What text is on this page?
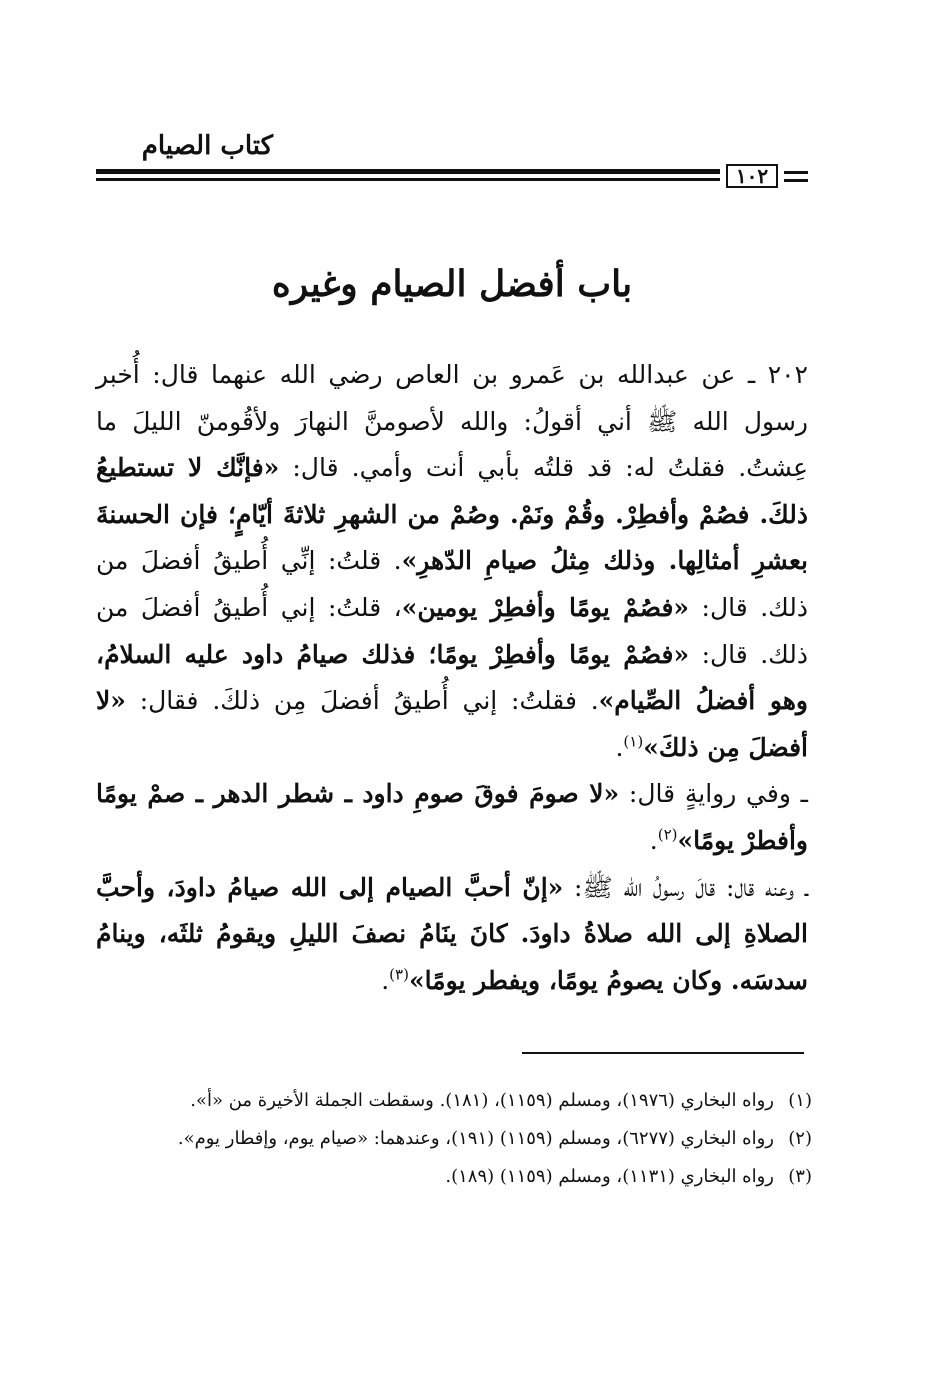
كتاب الصيام
١٠٢
باب أفضل الصيام وغيره

٢٠٢ ـ عن عبدالله بن عَمرو بن العاص رضي الله عنهما قال: أُخبر رسول الله ﷺ أني أقولُ: والله لأصومنَّ النهارَ ولأقُومنّ الليلَ ما عِشتُ. فقلتُ له: قد قلتُه بأبي أنت وأمي. قال: «فإنَّك لا تستطيعُ ذلكَ. فصُمْ وأفطِرْ. وقُمْ ونَمْ. وصُمْ من الشهرِ ثلاثةَ أيّامٍ؛ فإن الحسنةَ بعشرِ أمثالِها. وذلك مِثلُ صيامِ الدّهرِ». قلتُ: إنِّي أُطيقُ أفضلَ من ذلك. قال: «فصُمْ يومًا وأفطِرْ يومين»، قلتُ: إني أُطيقُ أفضلَ من ذلك. قال: «فصُمْ يومًا وأفطِرْ يومًا؛ فذلك صيامُ داود عليه السلامُ، وهو أفضلُ الصِّيام». فقلتُ: إني أُطيقُ أفضلَ مِن ذلكَ. فقال: «لا أفضلَ مِن ذلكَ»$^{(١)}$.

ـ وفي روايةٍ قال: «لا صومَ فوقَ صومِ داود ـ شطر الدهر ـ صمْ يومًا وأفطرْ يومًا»$^{(٢)}$.

ـ وعنه قال: قالَ رسولُ الله ﷺ: «إنّ أحبَّ الصيام إلى الله صيامُ داودَ، وأحبَّ الصلاةِ إلى الله صلاةُ داودَ. كانَ ينَامُ نصفَ الليلِ ويقومُ ثلثَه، وينامُ سدسَه. وكان يصومُ يومًا، ويفطر يومًا»$^{(٣)}$.

(١)
رواه البخاري (١٩٧٦)، ومسلم (١١٥٩)، (١٨١). وسقطت الجملة الأخيرة من «أ».
(٢)
رواه البخاري (٦٢٧٧)، ومسلم (١١٥٩) (١٩١)، وعندهما: «صيام يوم، وإفطار يوم».
(٣)
رواه البخاري (١١٣١)، ومسلم (١١٥٩) (١٨٩).
